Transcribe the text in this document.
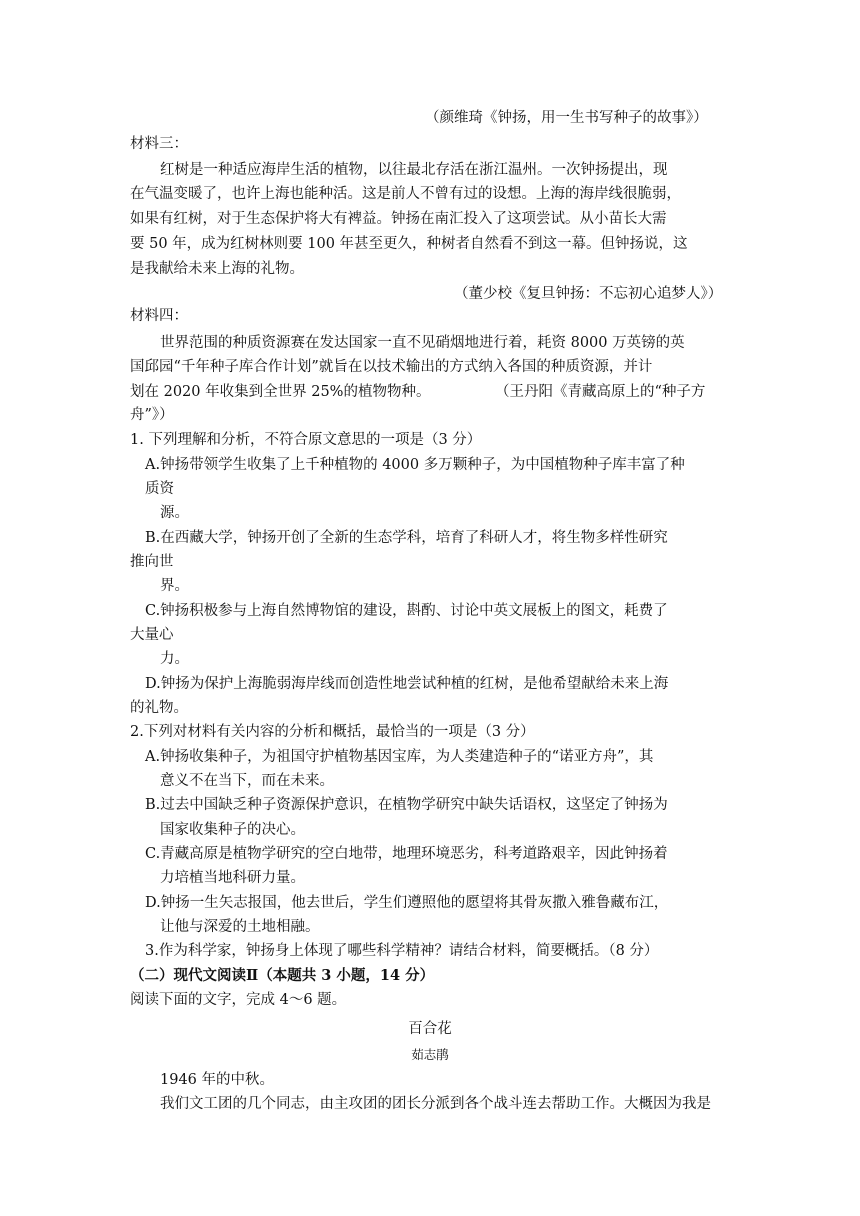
（颜维琦《钟扬，用一生书写种子的故事》）
材料三：
红树是一种适应海岸生活的植物，以往最北存活在浙江温州。一次钟扬提出，现
在气温变暖了，也许上海也能种活。这是前人不曾有过的设想。上海的海岸线很脆弱，
如果有红树，对于生态保护将大有裨益。钟扬在南汇投入了这项尝试。从小苗长大需
要 50 年，成为红树林则要 100 年甚至更久，种树者自然看不到这一幕。但钟扬说，这
是我献给未来上海的礼物。
（董少校《复旦钟扬：不忘初心追梦人》）
材料四：
世界范围的种质资源赛在发达国家一直不见硝烟地进行着，耗资 8000 万英镑的英
国邱园“千年种子库合作计划”就旨在以技术输出的方式纳入各国的种质资源，并计
划在 2020 年收集到全世界 25%的植物物种。	（王丹阳《青藏高原上的“种子方
舟”》）
1. 下列理解和分析，不符合原文意思的一项是（3 分）
A.钟扬带领学生收集了上千种植物的 4000 多万颗种子，为中国植物种子库丰富了种
质资
源。
B.在西藏大学，钟扬开创了全新的生态学科，培育了科研人才，将生物多样性研究
推向世
界。
C.钟扬积极参与上海自然博物馆的建设，斟酌、讨论中英文展板上的图文，耗费了
大量心
力。
D.钟扬为保护上海脆弱海岸线而创造性地尝试种植的红树，是他希望献给未来上海
的礼物。
2.下列对材料有关内容的分析和概括，最恰当的一项是（3 分）
A.钟扬收集种子，为祖国守护植物基因宝库，为人类建造种子的“诺亚方舟”，其
意义不在当下，而在未来。
B.过去中国缺乏种子资源保护意识，在植物学研究中缺失话语权，这坚定了钟扬为
国家收集种子的决心。
C.青藏高原是植物学研究的空白地带，地理环境恶劣，科考道路艰辛，因此钟扬着
力培植当地科研力量。
D.钟扬一生矢志报国，他去世后，学生们遵照他的愿望将其骨灰撒入雅鲁藏布江，
让他与深爱的土地相融。
3.作为科学家，钟扬身上体现了哪些科学精神？请结合材料，简要概括。（8 分）
（二）现代文阅读Ⅱ（本题共 3 小题，14 分）
阅读下面的文字，完成 4～6 题。
百合花
茹志鹃
1946 年的中秋。
我们文工团的几个同志，由主攻团的团长分派到各个战斗连去帮助工作。大概因为我是
